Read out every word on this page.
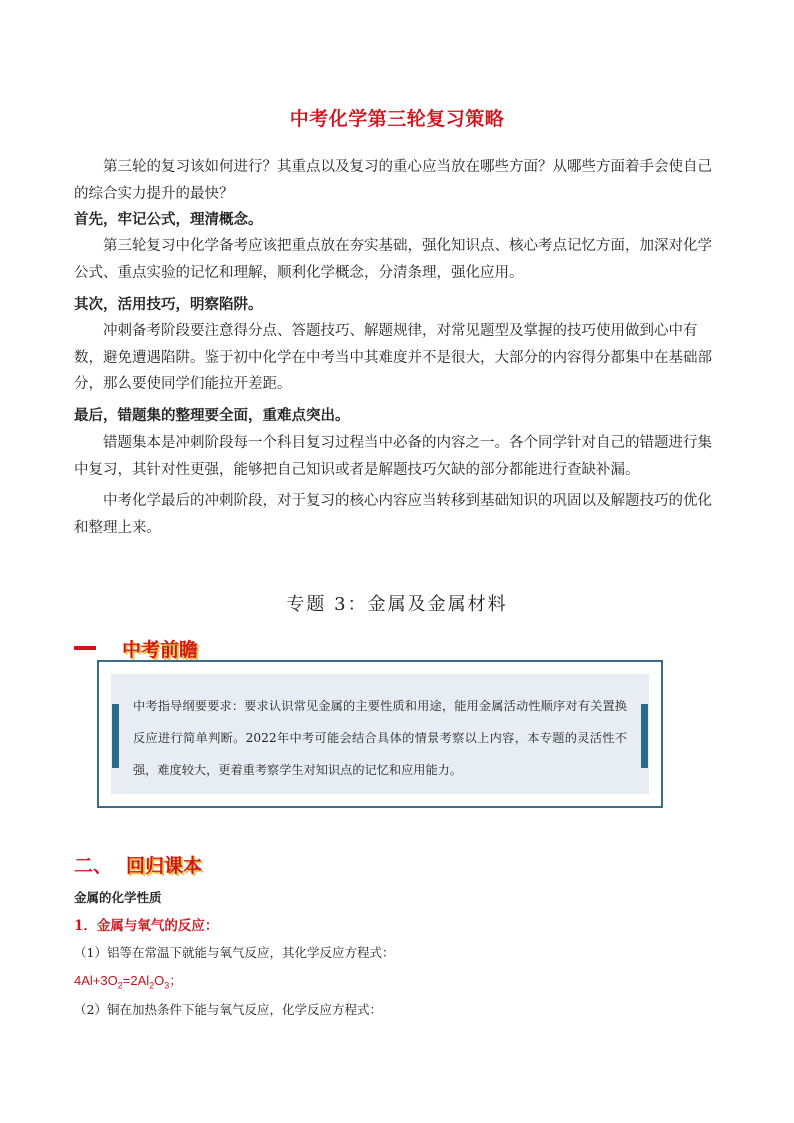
中考化学第三轮复习策略

第三轮的复习该如何进行？其重点以及复习的重心应当放在哪些方面？从哪些方面着手会使自己的综合实力提升的最快？

首先，牢记公式，理清概念。

第三轮复习中化学备考应该把重点放在夯实基础，强化知识点、核心考点记忆方面，加深对化学公式、重点实验的记忆和理解，顺利化学概念，分清条理，强化应用。

其次，活用技巧，明察陷阱。

冲刺备考阶段要注意得分点、答题技巧、解题规律，对常见题型及掌握的技巧使用做到心中有数，避免遭遇陷阱。鉴于初中化学在中考当中其难度并不是很大，大部分的内容得分都集中在基础部分，那么要使同学们能拉开差距。

最后，错题集的整理要全面，重难点突出。

错题集本是冲刺阶段每一个科目复习过程当中必备的内容之一。各个同学针对自己的错题进行集中复习，其针对性更强，能够把自己知识或者是解题技巧欠缺的部分都能进行查缺补漏。

中考化学最后的冲刺阶段，对于复习的核心内容应当转移到基础知识的巩固以及解题技巧的优化和整理上来。

专题 3：金属及金属材料
中考前瞻
中考指导纲要要求：要求认识常见金属的主要性质和用途，能用金属活动性顺序对有关置换反应进行简单判断。2022年中考可能会结合具体的情景考察以上内容，本专题的灵活性不强，难度较大，更着重考察学生对知识点的记忆和应用能力。
二、 回归课本

金属的化学性质

1．金属与氧气的反应：

（1）铝等在常温下就能与氧气反应，其化学反应方程式：

$4Al+3O_2=2Al_2O_3$；

（2）铜在加热条件下能与氧气反应，化学反应方程式：
